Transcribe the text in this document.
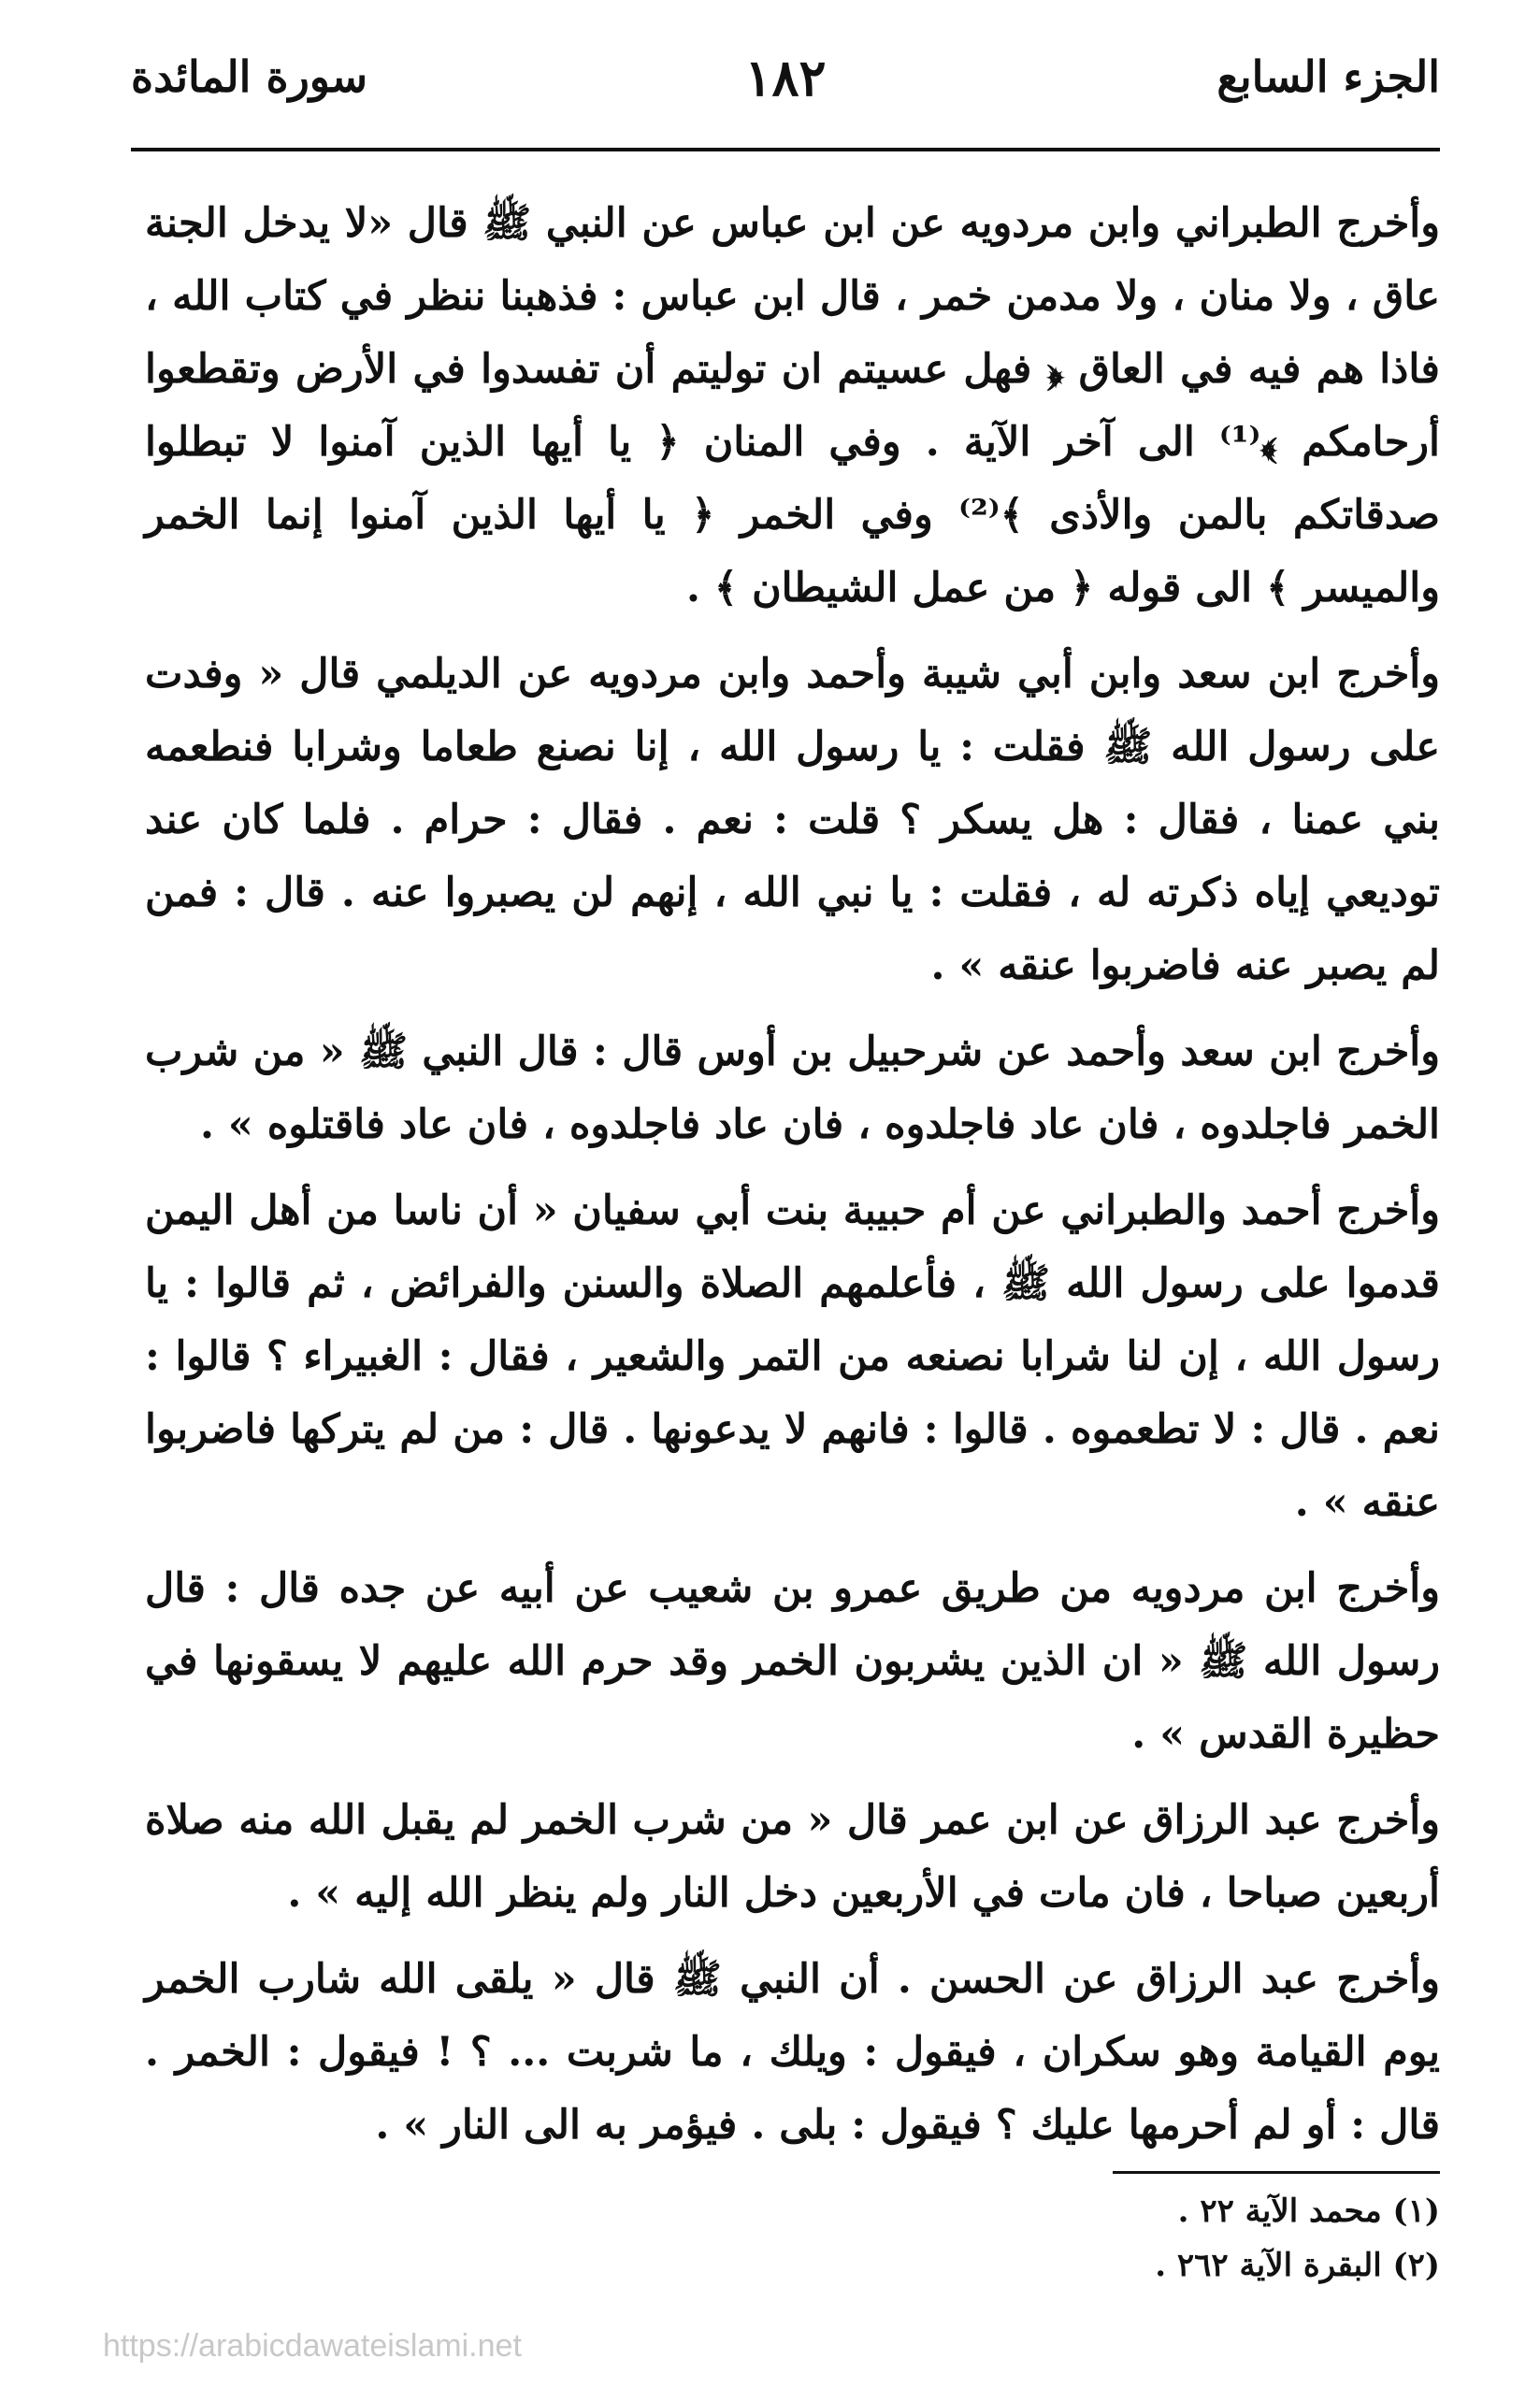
الجزء السابع
١٨٢
سورة المائدة

وأخرج الطبراني وابن مردويه عن ابن عباس عن النبي ﷺ قال «لا يدخل الجنة عاق ، ولا منان ، ولا مدمن خمر ، قال ابن عباس : فذهبنا ننظر في كتاب الله ، فاذا هم فيه في العاق ﴿ فهل عسيتم ان توليتم أن تفسدوا في الأرض وتقطعوا أرحامكم ﴾⁽¹⁾ الى آخر الآية . وفي المنان ﴿ يا أيها الذين آمنوا لا تبطلوا صدقاتكم بالمن والأذى ﴾⁽²⁾ وفي الخمر ﴿ يا أيها الذين آمنوا إنما الخمر والميسر ﴾ الى قوله ﴿ من عمل الشيطان ﴾ .

وأخرج ابن سعد وابن أبي شيبة وأحمد وابن مردويه عن الديلمي قال « وفدت على رسول الله ﷺ فقلت : يا رسول الله ، إنا نصنع طعاما وشرابا فنطعمه بني عمنا ، فقال : هل يسكر ؟ قلت : نعم . فقال : حرام . فلما كان عند توديعي إياه ذكرته له ، فقلت : يا نبي الله ، إنهم لن يصبروا عنه . قال : فمن لم يصبر عنه فاضربوا عنقه » .

وأخرج ابن سعد وأحمد عن شرحبيل بن أوس قال : قال النبي ﷺ « من شرب الخمر فاجلدوه ، فان عاد فاجلدوه ، فان عاد فاجلدوه ، فان عاد فاقتلوه » .

وأخرج أحمد والطبراني عن أم حبيبة بنت أبي سفيان « أن ناسا من أهل اليمن قدموا على رسول الله ﷺ ، فأعلمهم الصلاة والسنن والفرائض ، ثم قالوا : يا رسول الله ، إن لنا شرابا نصنعه من التمر والشعير ، فقال : الغبيراء ؟ قالوا : نعم . قال : لا تطعموه . قالوا : فانهم لا يدعونها . قال : من لم يتركها فاضربوا عنقه » .

وأخرج ابن مردويه من طريق عمرو بن شعيب عن أبيه عن جده قال : قال رسول الله ﷺ « ان الذين يشربون الخمر وقد حرم الله عليهم لا يسقونها في حظيرة القدس » .

وأخرج عبد الرزاق عن ابن عمر قال « من شرب الخمر لم يقبل الله منه صلاة أربعين صباحا ، فان مات في الأربعين دخل النار ولم ينظر الله إليه » .

وأخرج عبد الرزاق عن الحسن . أن النبي ﷺ قال « يلقى الله شارب الخمر يوم القيامة وهو سكران ، فيقول : ويلك ، ما شربت ... ؟ ! فيقول : الخمر . قال : أو لم أحرمها عليك ؟ فيقول : بلى . فيؤمر به الى النار » .

(١) محمد الآية ٢٢ .
(٢) البقرة الآية ٢٦٢ .
https://arabicdawateislami.net
